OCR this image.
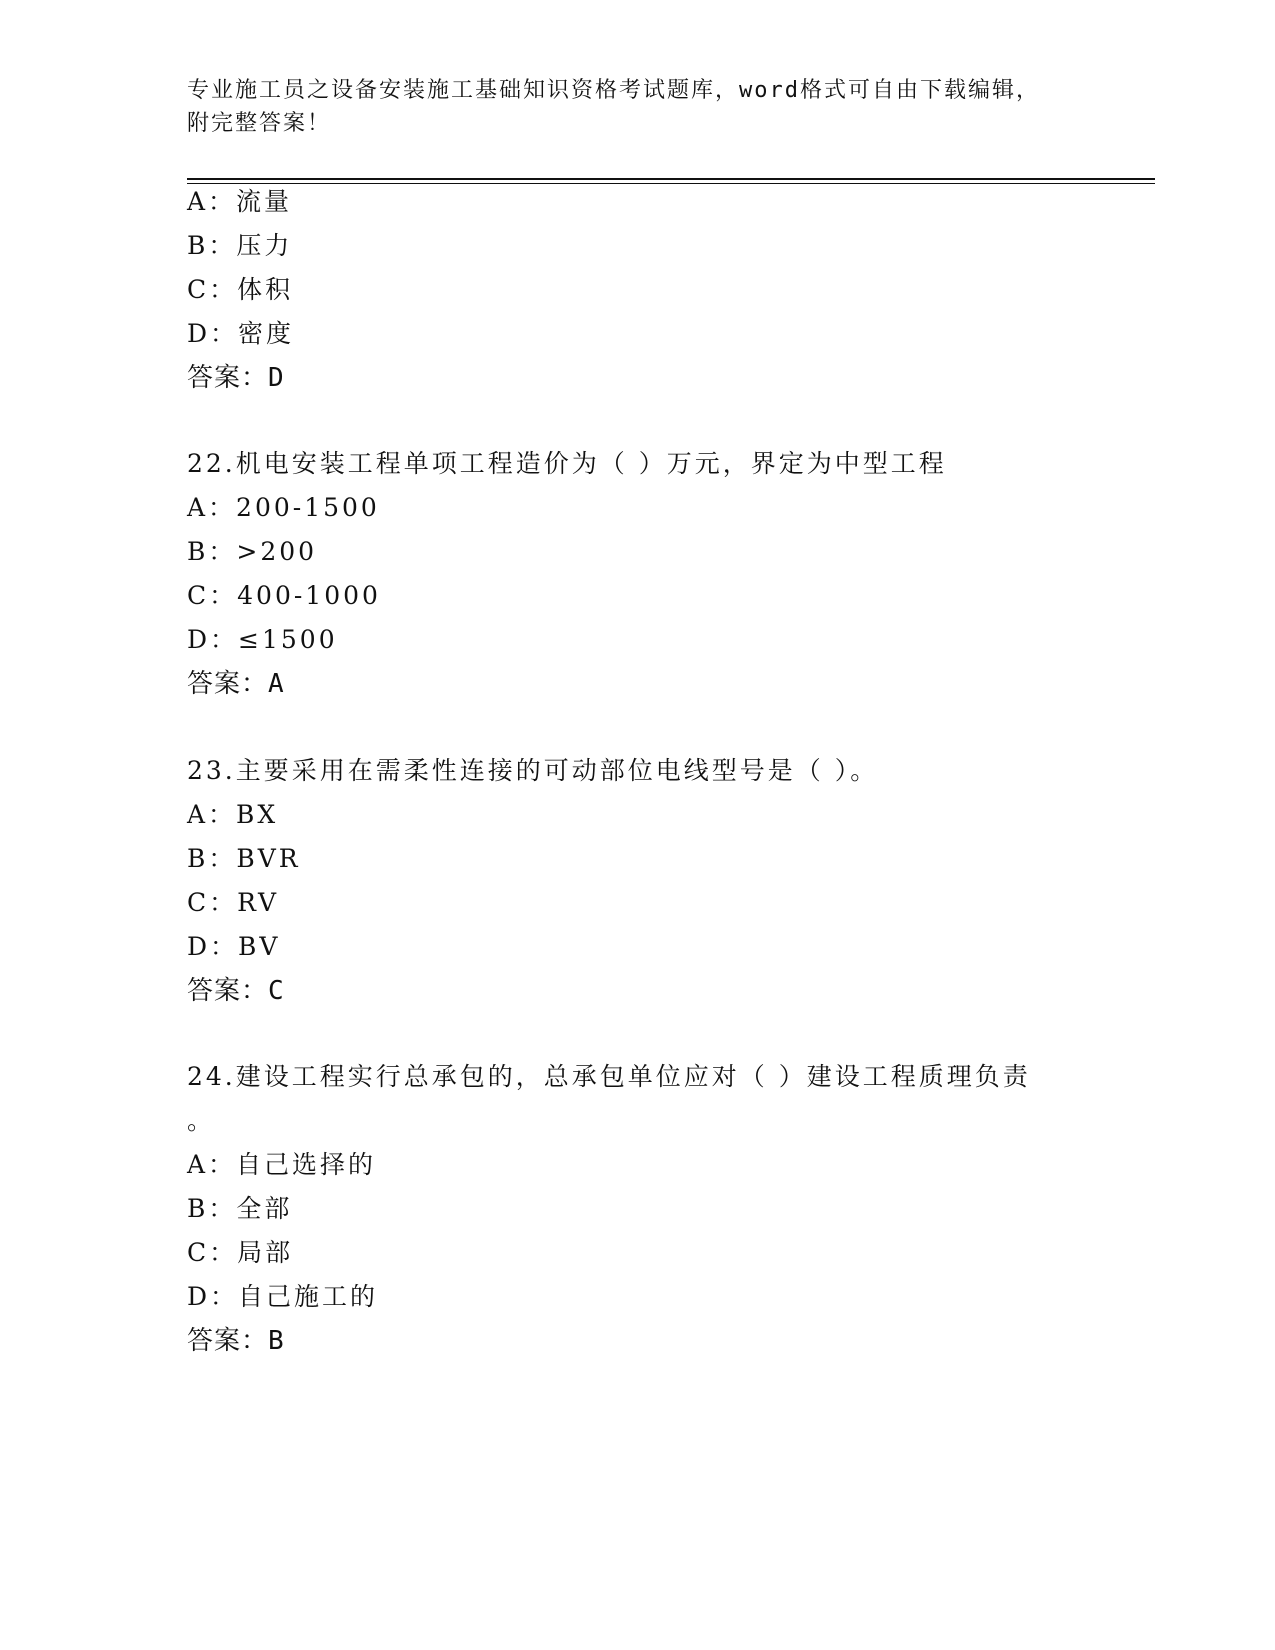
专业施工员之设备安装施工基础知识资格考试题库，word格式可自由下载编辑，
附完整答案！
A：流量
B：压力
C：体积
D：密度
答案：D
22.机电安装工程单项工程造价为（ ）万元，界定为中型工程
A：200-1500
B：>200
C：400-1000
D：≤1500
答案：A
23.主要采用在需柔性连接的可动部位电线型号是（ ）。
A：BX
B：BVR
C：RV
D：BV
答案：C
24.建设工程实行总承包的，总承包单位应对（ ）建设工程质理负责
。
A：自己选择的
B：全部
C：局部
D：自己施工的
答案：B
